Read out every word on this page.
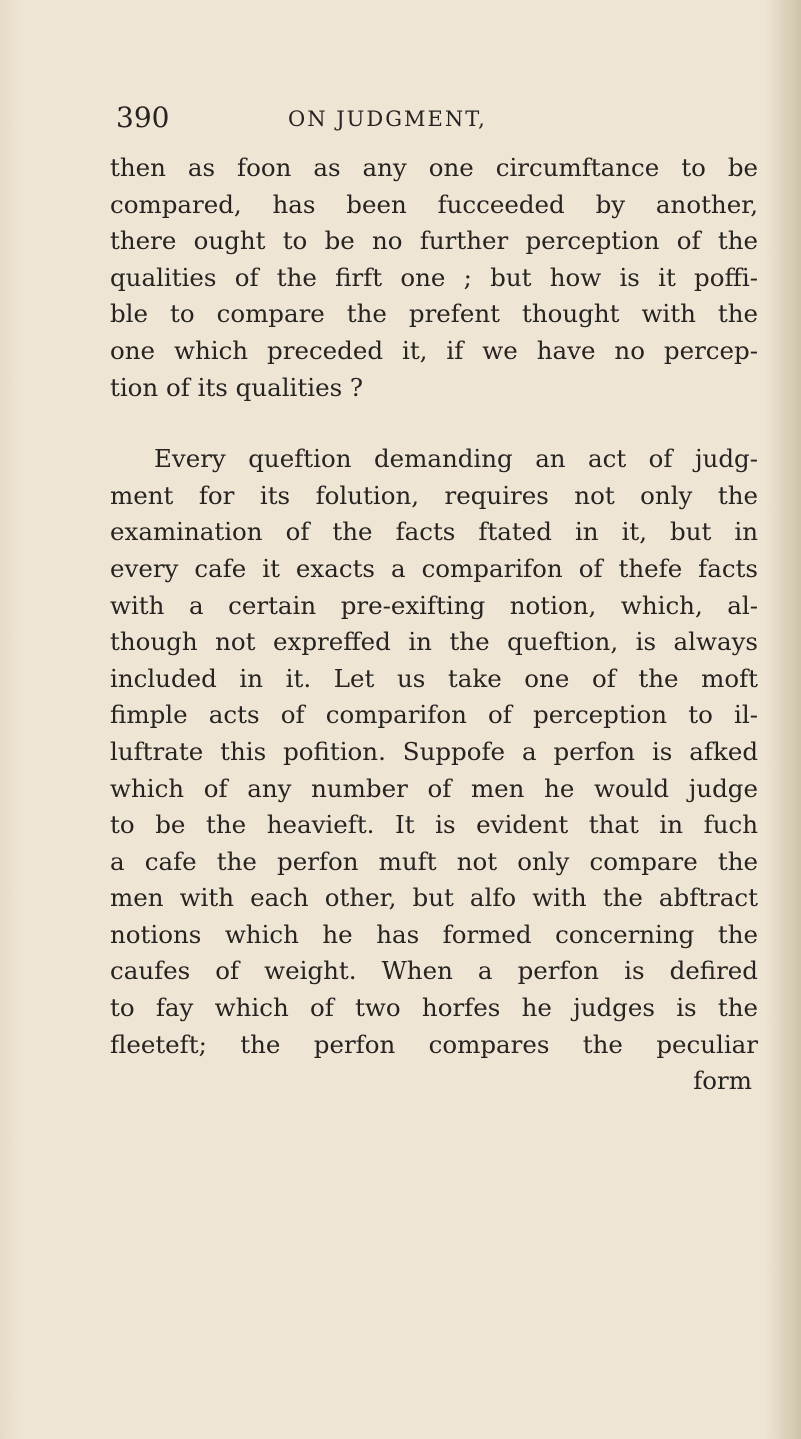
390	ON JUDGMENT,
then as foon as any one circumftance to be
compared, has been fucceeded by another,
there ought to be no further perception of the
qualities of the firft one ; but how is it poffi-
ble to compare the prefent thought with the
one which preceded it, if we have no percep-
tion of its qualities ?
Every queftion demanding an act of judg-
ment for its folution, requires not only the
examination of the facts ftated in it, but in
every cafe it exacts a comparifon of thefe facts
with a certain pre-exifting notion, which, al-
though not expreffed in the queftion, is always
included in it. Let us take one of the moft
fimple acts of comparifon of perception to il-
luftrate this pofition. Suppofe a perfon is afked
which of any number of men he would judge
to be the heavieft. It is evident that in fuch
a cafe the perfon muft not only compare the
men with each other, but alfo with the abftract
notions which he has formed concerning the
caufes of weight. When a perfon is defired
to fay which of two horfes he judges is the
fleeteft; the perfon compares the peculiar
form
